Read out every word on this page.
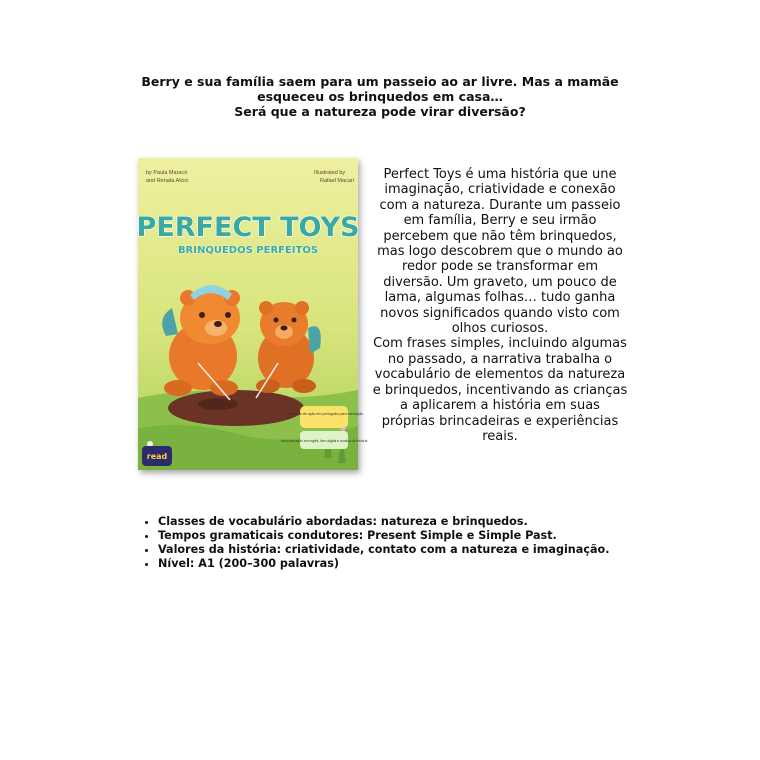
Berry e sua família saem para um passeio ao ar livre. Mas a mamãe
esqueceu os brinquedos em casa…
Será que a natureza pode virar diversão?
by Paula Maracó
and Renata Alcici
Illustrated by
Rafael Macari
PERFECT TOYS
BRINQUEDOS PERFEITOS
Com dicas de ação em português para mediação
Inclui narração em inglês, livro digital e música da história
read

Perfect Toys é uma história que une imaginação, criatividade e conexão com a natureza. Durante um passeio em família, Berry e seu irmão percebem que não têm brinquedos, mas logo descobrem que o mundo ao redor pode se transformar em diversão. Um graveto, um pouco de lama, algumas folhas… tudo ganha novos significados quando visto com olhos curiosos.

Com frases simples, incluindo algumas no passado, a narrativa trabalha o vocabulário de elementos da natureza e brinquedos, incentivando as crianças a aplicarem a história em suas próprias brincadeiras e experiências reais.

• Classes de vocabulário abordadas: natureza e brinquedos.
• Tempos gramaticais condutores: Present Simple e Simple Past.
• Valores da história: criatividade, contato com a natureza e imaginação.
• Nível: A1 (200–300 palavras)
